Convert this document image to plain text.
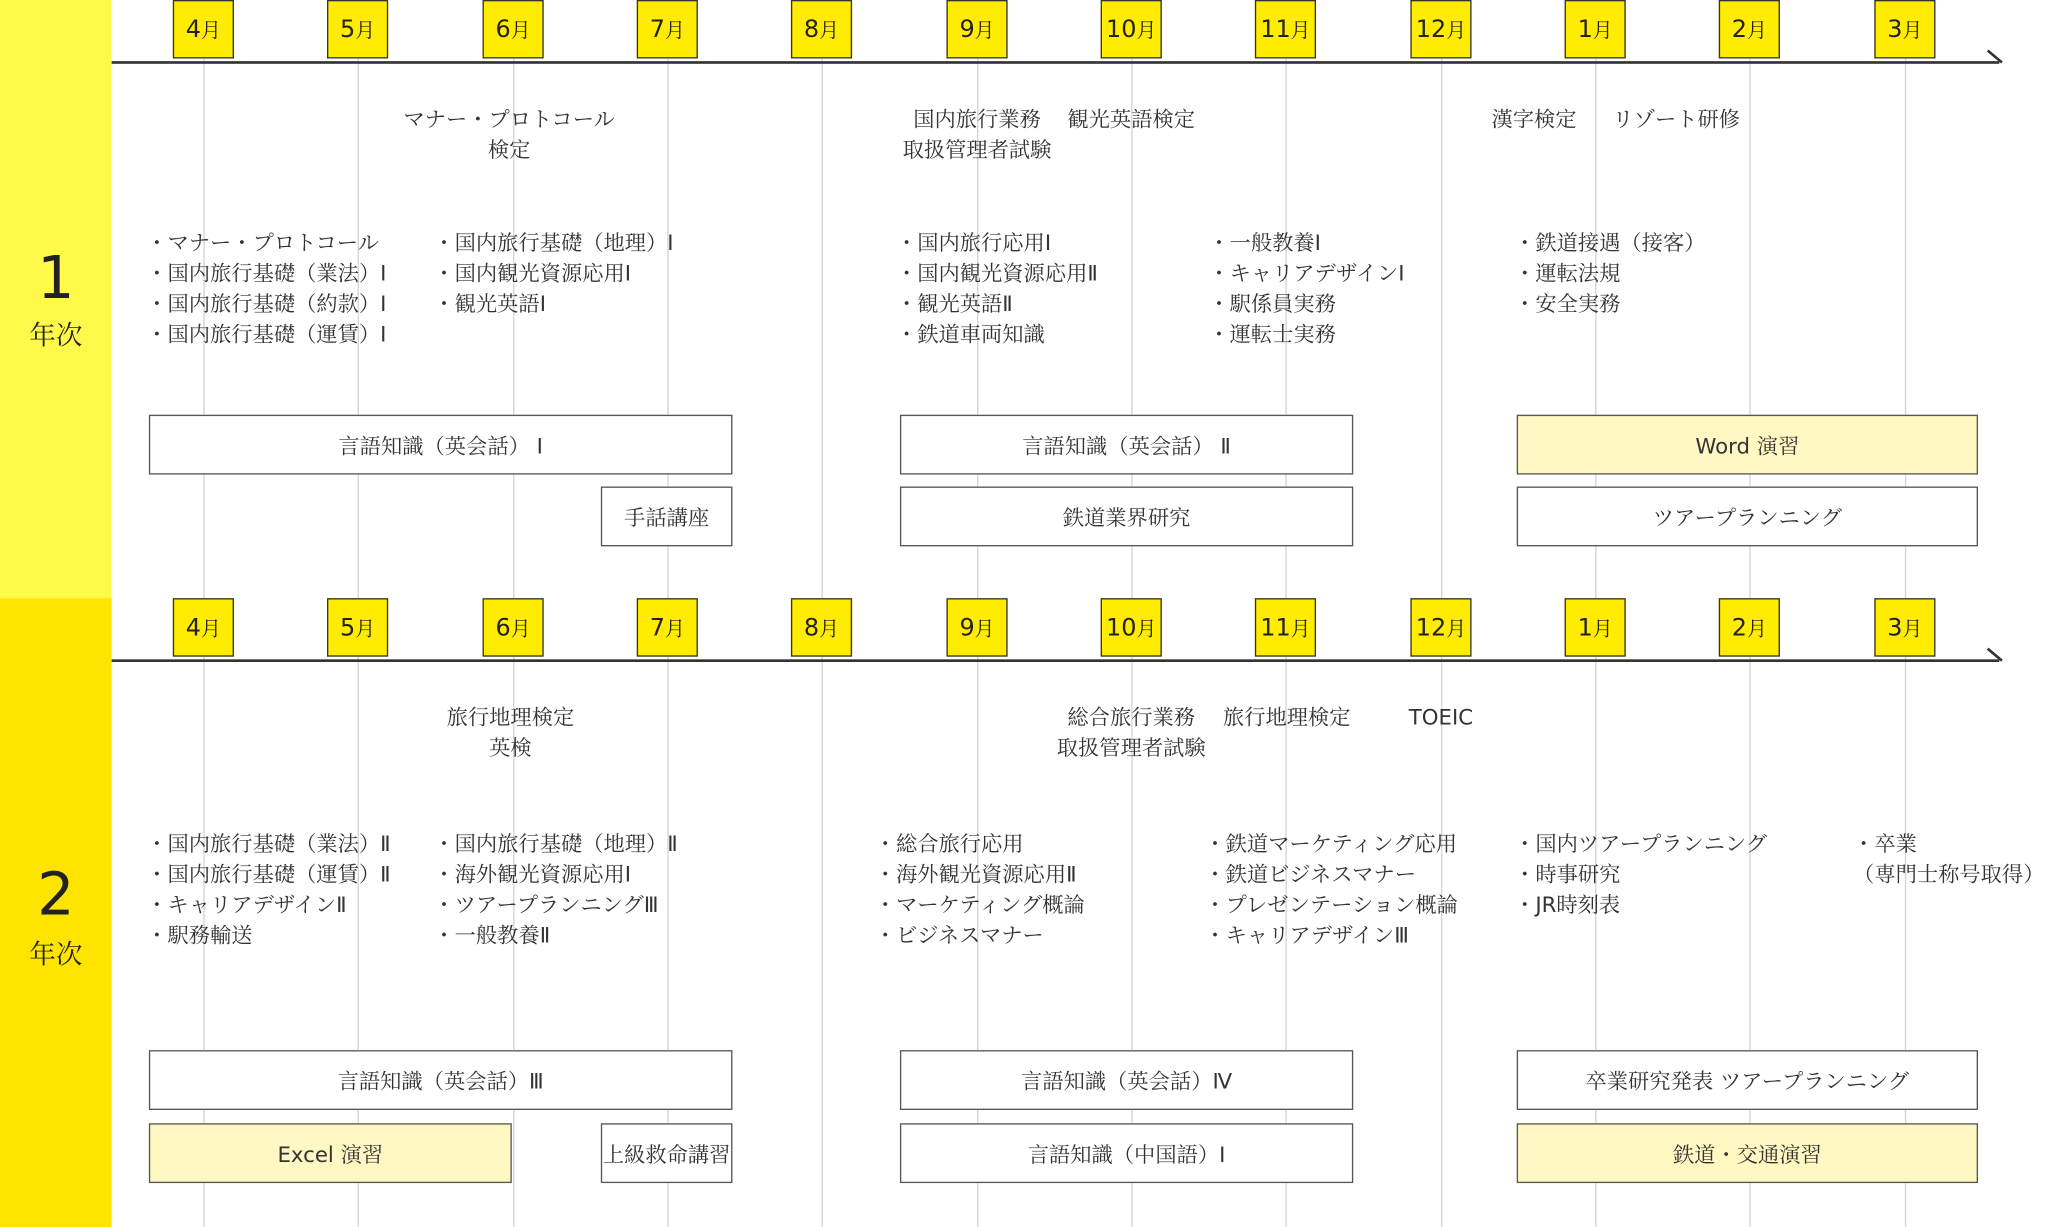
1
年次
2
年次
4月	5月	6月	7月	8月	9月	10月	11月	12月	1月	2月	3月
4月	5月	6月	7月	8月	9月	10月	11月	12月	1月	2月	3月
マナー・プロトコール
検定
国内旅行業務
取扱管理者試験
観光英語検定	漢字検定	リゾート研修
・マナー・プロトコール
・国内旅行基礎（業法）Ⅰ
・国内旅行基礎（約款）Ⅰ
・国内旅行基礎（運賃）Ⅰ
・国内旅行基礎（地理）Ⅰ
・国内観光資源応用Ⅰ
・観光英語Ⅰ
・国内旅行応用Ⅰ
・国内観光資源応用Ⅱ
・観光英語Ⅱ
・鉄道車両知識
・一般教養Ⅰ
・キャリアデザインⅠ
・駅係員実務
・運転士実務
・鉄道接遇（接客）
・運転法規
・安全実務
言語知識（英会話） Ⅰ
手話講座
言語知識（英会話） Ⅱ
鉄道業界研究
Word 演習
ツアープランニング
旅行地理検定
英検
総合旅行業務
取扱管理者試験
旅行地理検定	TOEIC
・国内旅行基礎（業法）Ⅱ
・国内旅行基礎（運賃）Ⅱ
・キャリアデザインⅡ
・駅務輸送
・国内旅行基礎（地理）Ⅱ
・海外観光資源応用Ⅰ
・ツアープランニングⅢ
・一般教養Ⅱ
・総合旅行応用
・海外観光資源応用Ⅱ
・マーケティング概論
・ビジネスマナー
・鉄道マーケティング応用
・鉄道ビジネスマナー
・プレゼンテーション概論
・キャリアデザインⅢ
・国内ツアープランニング
・時事研究
・JR時刻表
・卒業
（専門士称号取得）
言語知識（英会話）Ⅲ
Excel 演習	上級救命講習
言語知識（英会話）Ⅳ
言語知識（中国語）Ⅰ
卒業研究発表 ツアープランニング
鉄道・交通演習
